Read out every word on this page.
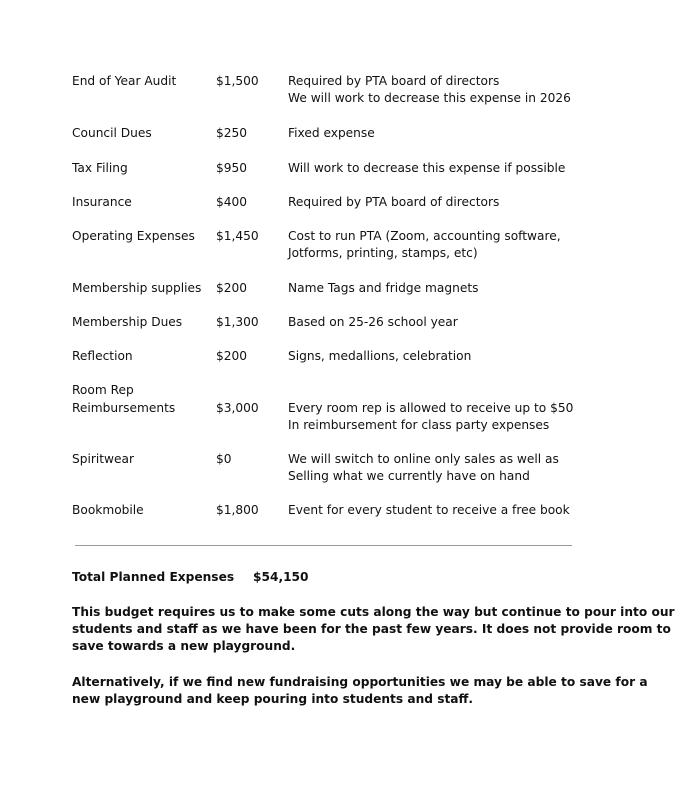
End of Year Audit	$1,500 Required by PTA board of directors
We will work to decrease this expense in 2026
Council Dues	$250	Fixed expense
Tax Filing	$950	Will work to decrease this expense if possible
Insurance	$400	Required by PTA board of directors
Operating Expenses $1,450 Cost to run PTA (Zoom, accounting software,
Jotforms, printing, stamps, etc)
Membership supplies $200	Name Tags and fridge magnets
Membership Dues	$1,300 Based on 25-26 school year
Reflection	$200	Signs, medallions, celebration
Room Rep
Reimbursements	$3,000 Every room rep is allowed to receive up to $50
In reimbursement for class party expenses
Spiritwear	$0	We will switch to online only sales as well as
Selling what we currently have on hand
Bookmobile	$1,800 Event for every student to receive a free book
Total Planned Expenses $54,150
This budget requires us to make some cuts along the way but continue to pour into our
students and staff as we have been for the past few years. It does not provide room to
save towards a new playground.
Alternatively, if we find new fundraising opportunities we may be able to save for a
new playground and keep pouring into students and staff.
